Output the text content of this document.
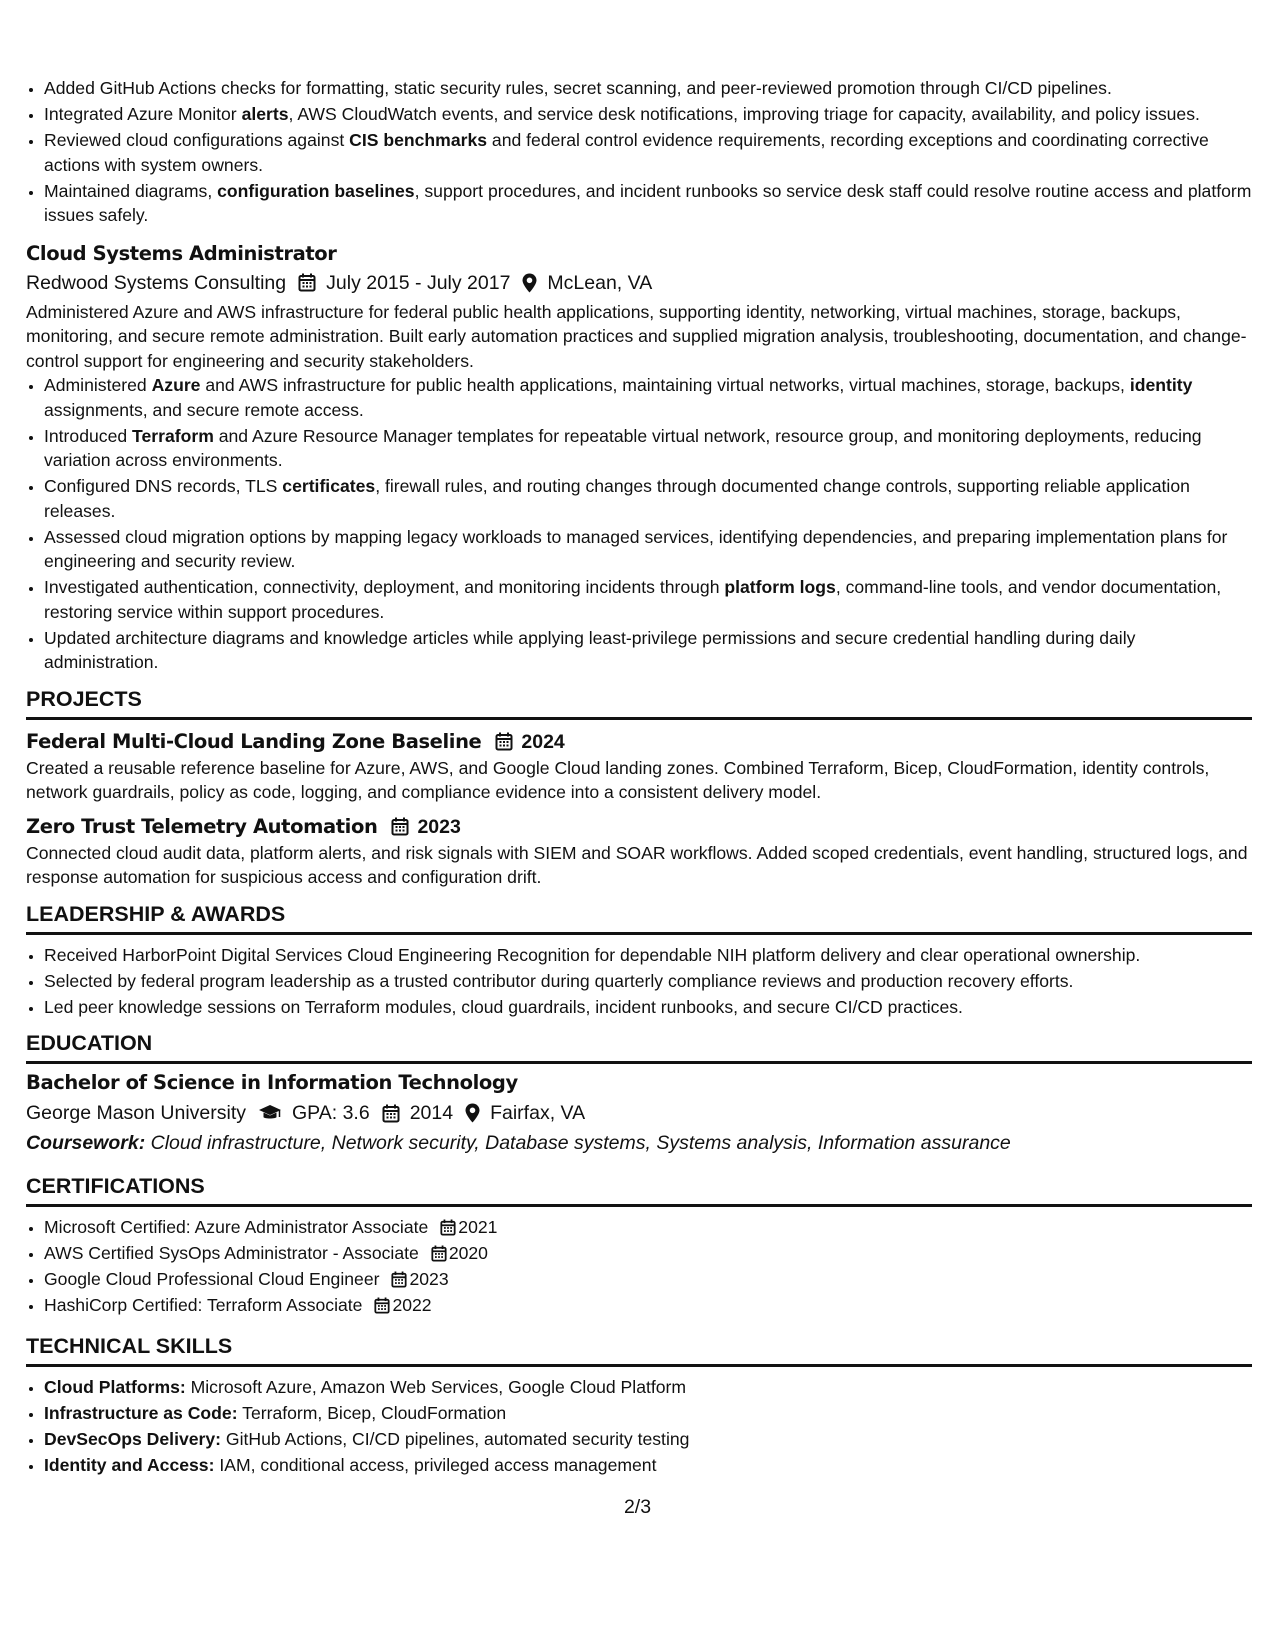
• Added GitHub Actions checks for formatting, static security rules, secret scanning, and peer-reviewed promotion through CI/CD pipelines.
• Integrated Azure Monitor alerts, AWS CloudWatch events, and service desk notifications, improving triage for capacity, availability, and policy issues.
• Reviewed cloud configurations against CIS benchmarks and federal control evidence requirements, recording exceptions and coordinating corrective actions with system owners.
• Maintained diagrams, configuration baselines, support procedures, and incident runbooks so service desk staff could resolve routine access and platform issues safely.
Cloud Systems Administrator
Redwood Systems Consulting July 2015 - July 2017 McLean, VA
Administered Azure and AWS infrastructure for federal public health applications, supporting identity, networking, virtual machines, storage, backups, monitoring, and secure remote administration. Built early automation practices and supplied migration analysis, troubleshooting, documentation, and change-control support for engineering and security stakeholders.
• Administered Azure and AWS infrastructure for public health applications, maintaining virtual networks, virtual machines, storage, backups, identity assignments, and secure remote access.
• Introduced Terraform and Azure Resource Manager templates for repeatable virtual network, resource group, and monitoring deployments, reducing variation across environments.
• Configured DNS records, TLS certificates, firewall rules, and routing changes through documented change controls, supporting reliable application releases.
• Assessed cloud migration options by mapping legacy workloads to managed services, identifying dependencies, and preparing implementation plans for engineering and security review.
• Investigated authentication, connectivity, deployment, and monitoring incidents through platform logs, command-line tools, and vendor documentation, restoring service within support procedures.
• Updated architecture diagrams and knowledge articles while applying least-privilege permissions and secure credential handling during daily administration.
PROJECTS
Federal Multi-Cloud Landing Zone Baseline 2024
Created a reusable reference baseline for Azure, AWS, and Google Cloud landing zones. Combined Terraform, Bicep, CloudFormation, identity controls, network guardrails, policy as code, logging, and compliance evidence into a consistent delivery model.
Zero Trust Telemetry Automation 2023
Connected cloud audit data, platform alerts, and risk signals with SIEM and SOAR workflows. Added scoped credentials, event handling, structured logs, and response automation for suspicious access and configuration drift.
LEADERSHIP & AWARDS
• Received HarborPoint Digital Services Cloud Engineering Recognition for dependable NIH platform delivery and clear operational ownership.
• Selected by federal program leadership as a trusted contributor during quarterly compliance reviews and production recovery efforts.
• Led peer knowledge sessions on Terraform modules, cloud guardrails, incident runbooks, and secure CI/CD practices.
EDUCATION
Bachelor of Science in Information Technology
George Mason University GPA: 3.6 2014 Fairfax, VA
Coursework: Cloud infrastructure, Network security, Database systems, Systems analysis, Information assurance
CERTIFICATIONS
• Microsoft Certified: Azure Administrator Associate 2021
• AWS Certified SysOps Administrator - Associate 2020
• Google Cloud Professional Cloud Engineer 2023
• HashiCorp Certified: Terraform Associate 2022
TECHNICAL SKILLS
• Cloud Platforms: Microsoft Azure, Amazon Web Services, Google Cloud Platform
• Infrastructure as Code: Terraform, Bicep, CloudFormation
• DevSecOps Delivery: GitHub Actions, CI/CD pipelines, automated security testing
• Identity and Access: IAM, conditional access, privileged access management
2/3
